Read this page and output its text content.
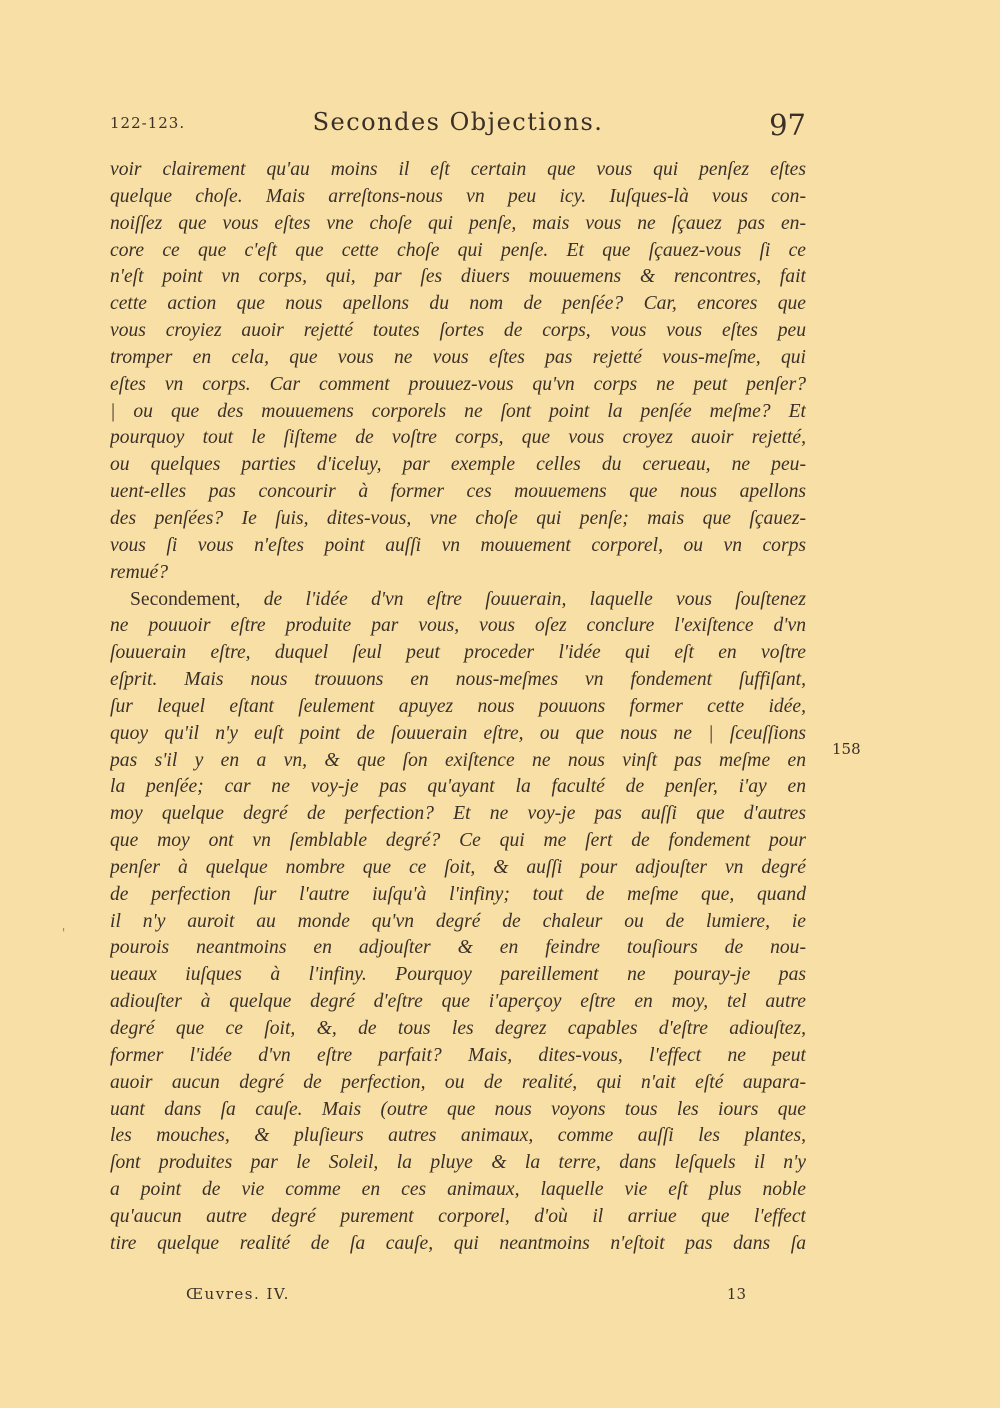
122-123.	Secondes Objections.	97
voir clairement qu'au moins il eſt certain que vous qui penſez eſtes
quelque choſe. Mais arreſtons-nous vn peu icy. Iuſques-là vous con-
noiſſez que vous eſtes vne choſe qui penſe, mais vous ne ſçauez pas en-
core ce que c'eſt que cette choſe qui penſe. Et que ſçauez-vous ſi ce
n'eſt point vn corps, qui, par ſes diuers mouuemens & rencontres, fait
cette action que nous apellons du nom de penſée? Car, encores que
vous croyiez auoir rejetté toutes ſortes de corps, vous vous eſtes peu
tromper en cela, que vous ne vous eſtes pas rejetté vous-meſme, qui
eſtes vn corps. Car comment prouuez-vous qu'vn corps ne peut penſer?
| ou que des mouuemens corporels ne ſont point la penſée meſme? Et
pourquoy tout le ſiſteme de voſtre corps, que vous croyez auoir rejetté,
ou quelques parties d'iceluy, par exemple celles du cerueau, ne peu-
uent-elles pas concourir à former ces mouuemens que nous apellons
des penſées? Ie ſuis, dites-vous, vne choſe qui penſe; mais que ſçauez-
vous ſi vous n'eſtes point auſſi vn mouuement corporel, ou vn corps
remué?
Secondement, de l'idée d'vn eſtre ſouuerain, laquelle vous ſouſtenez
ne pouuoir eſtre produite par vous, vous oſez conclure l'exiſtence d'vn
ſouuerain eſtre, duquel ſeul peut proceder l'idée qui eſt en voſtre
eſprit. Mais nous trouuons en nous-meſmes vn fondement ſuffiſant,
ſur lequel eſtant ſeulement apuyez nous pouuons former cette idée,
quoy qu'il n'y euſt point de ſouuerain eſtre, ou que nous ne | ſceuſſions
pas s'il y en a vn, & que ſon exiſtence ne nous vinſt pas meſme en
la penſée; car ne voy-je pas qu'ayant la faculté de penſer, i'ay en
moy quelque degré de perfection? Et ne voy-je pas auſſi que d'autres
que moy ont vn ſemblable degré? Ce qui me ſert de fondement pour
penſer à quelque nombre que ce ſoit, & auſſi pour adjouſter vn degré
de perfection ſur l'autre iuſqu'à l'infiny; tout de meſme que, quand
il n'y auroit au monde qu'vn degré de chaleur ou de lumiere, ie
pourois neantmoins en adjouſter & en feindre touſiours de nou-
ueaux iuſques à l'infiny. Pourquoy pareillement ne pouray-je pas
adiouſter à quelque degré d'eſtre que i'aperçoy eſtre en moy, tel autre
degré que ce ſoit, &, de tous les degrez capables d'eſtre adiouſtez,
former l'idée d'vn eſtre parfait? Mais, dites-vous, l'effect ne peut
auoir aucun degré de perfection, ou de realité, qui n'ait eſté aupara-
uant dans ſa cauſe. Mais (outre que nous voyons tous les iours que
les mouches, & pluſieurs autres animaux, comme auſſi les plantes,
ſont produites par le Soleil, la pluye & la terre, dans leſquels il n'y
a point de vie comme en ces animaux, laquelle vie eſt plus noble
qu'aucun autre degré purement corporel, d'où il arriue que l'effect
tire quelque realité de ſa cauſe, qui neantmoins n'eſtoit pas dans ſa
158
'
Œuvres. IV.	13
